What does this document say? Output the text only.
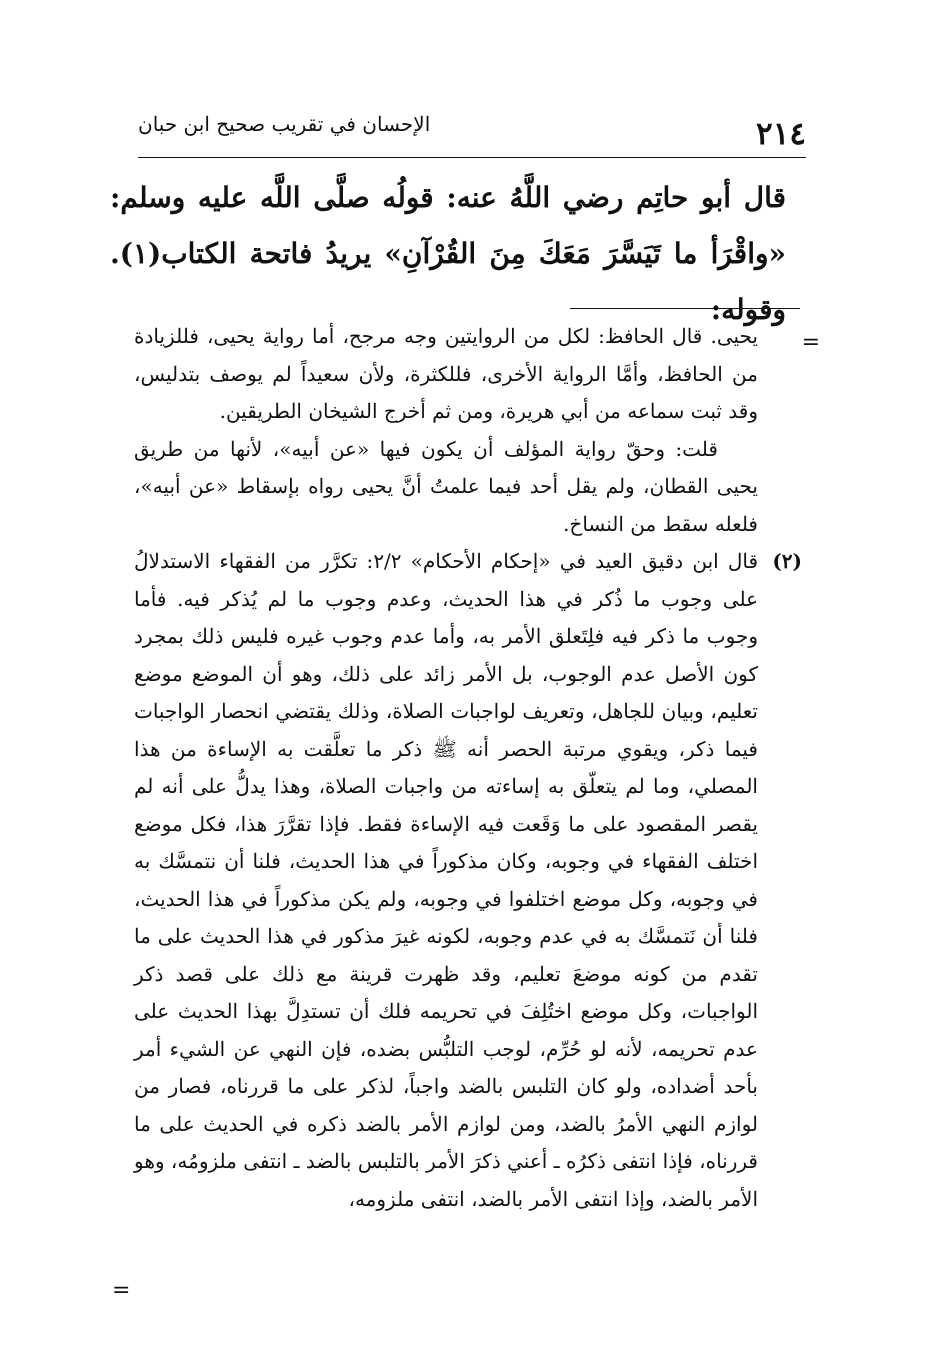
٢١٤
الإحسان في تقريب صحيح ابن حبان

قال أبو حاتِم رضي اللَّهُ عنه: قولُه صلَّى اللَّه عليه وسلم: «واقْرَأ ما تَيَسَّرَ مَعَكَ مِنَ القُرْآنِ» يريدُ فاتحة الكتاب(١). وقوله:

=

يحيى. قال الحافظ: لكل من الروايتين وجه مرجح، أما رواية يحيى، فللزيادة من الحافظ، وأمَّا الرواية الأخرى، فللكثرة، ولأن سعيداً لم يوصف بتدليس، وقد ثبت سماعه من أبي هريرة، ومن ثم أخرج الشيخان الطريقين.

قلت: وحقّ رواية المؤلف أن يكون فيها «عن أبيه»، لأنها من طريق يحيى القطان، ولم يقل أحد فيما علمتُ أنَّ يحيى رواه بإسقاط «عن أبيه»، فلعله سقط من النساخ.

(٢)

قال ابن دقيق العيد في «إحكام الأحكام» ٢/٢: تكرَّر من الفقهاء الاستدلالُ على وجوب ما ذُكر في هذا الحديث، وعدم وجوب ما لم يُذكر فيه. فأما وجوب ما ذكر فيه فلِتَعلق الأمر به، وأما عدم وجوب غيره فليس ذلك بمجرد كون الأصل عدم الوجوب، بل الأمر زائد على ذلك، وهو أن الموضع موضع تعليم، وبيان للجاهل، وتعريف لواجبات الصلاة، وذلك يقتضي انحصار الواجبات فيما ذكر، ويقوي مرتبة الحصر أنه ﷺ ذكر ما تعلَّقت به الإساءة من هذا المصلي، وما لم يتعلّق به إساءته من واجبات الصلاة، وهذا يدلُّ على أنه لم يقصر المقصود على ما وَقَعت فيه الإساءة فقط. فإذا تقرَّرَ هذا، فكل موضع اختلف الفقهاء في وجوبه، وكان مذكوراً في هذا الحديث، فلنا أن نتمسَّك به في وجوبه، وكل موضع اختلفوا في وجوبه، ولم يكن مذكوراً في هذا الحديث، فلنا أن نَتمسَّك به في عدم وجوبه، لكونه غيرَ مذكور في هذا الحديث على ما تقدم من كونه موضعَ تعليم، وقد ظهرت قرينة مع ذلك على قصد ذكر الواجبات، وكل موضع اختُلِفَ في تحريمه فلك أن تستدِلَّ بهذا الحديث على عدم تحريمه، لأنه لو حُرِّم، لوجب التلبُّس بضده، فإن النهي عن الشيء أمر بأحد أضداده، ولو كان التلبس بالضد واجباً، لذكر على ما قررناه، فصار من لوازم النهي الأمرُ بالضد، ومن لوازم الأمر بالضد ذكره في الحديث على ما قررناه، فإذا انتفى ذكرُه ـ أعني ذكرَ الأمر بالتلبس بالضد ـ انتفى ملزومُه، وهو الأمر بالضد، وإذا انتفى الأمر بالضد، انتفى ملزومه،

=
